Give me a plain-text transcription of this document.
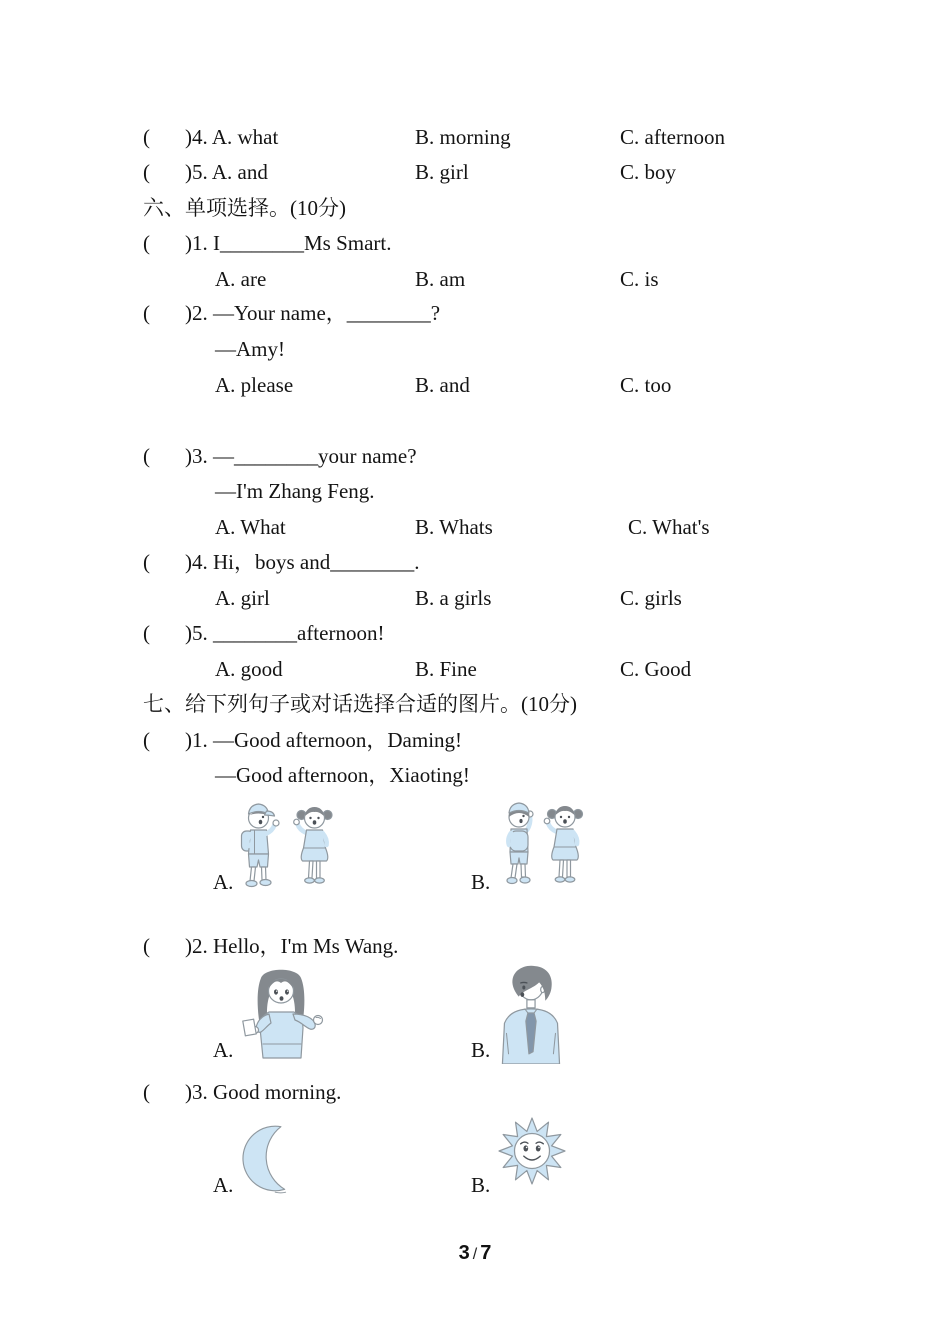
( )4. A. what	B. morning	C. afternoon
( )5. A. and	B. girl	C. boy
六、单项选择。(10分)
( )1. I________Ms Smart.
A. are	B. am	C. is
( )2. —Your name，________?
—Amy!
A. please	B. and	C. too
( )3. —________your name?
—I'm Zhang Feng.
A. What	B. Whats	C. What's
( )4. Hi，boys and________.
A. girl	B. a girls	C. girls
( )5. ________afternoon!
A. good	B. Fine	C. Good
七、给下列句子或对话选择合适的图片。(10分)
( )1. —Good afternoon，Daming!
—Good afternoon，Xiaoting!
A.	B.
( )2. Hello，I'm Ms Wang.
A.	B.
( )3. Good morning.
A.	B.
3 / 7
